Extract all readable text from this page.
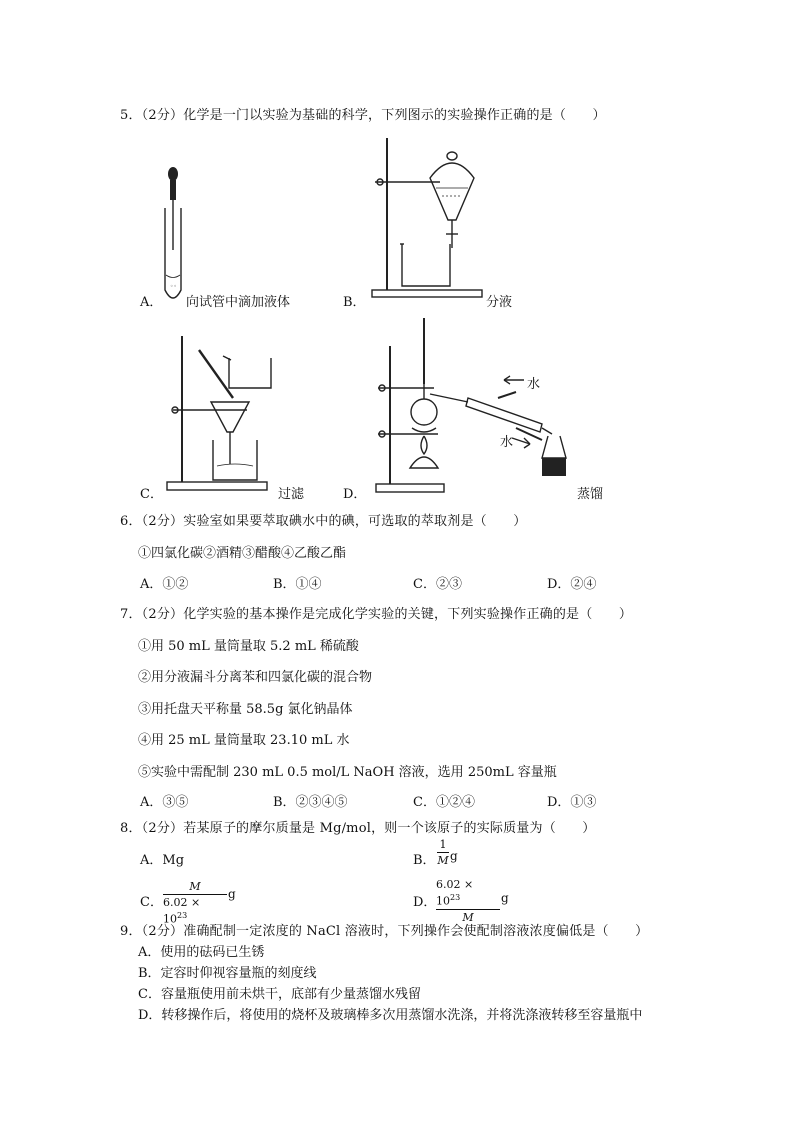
5．（2分）化学是一门以实验为基础的科学，下列图示的实验操作正确的是（　　）
◦◦
A． 向试管中滴加液体	B．	分液
C．	过滤
水
水
D．	蒸馏
6．（2分）实验室如果要萃取碘水中的碘，可选取的萃取剂是（　　）
①四氯化碳②酒精③醋酸④乙酸乙酯
A．①②	B．①④	C．②③	D．②④
7．（2分）化学实验的基本操作是完成化学实验的关键，下列实验操作正确的是（　　）
①用 50 mL 量筒量取 5.2 mL 稀硫酸
②用分液漏斗分离苯和四氯化碳的混合物
③用托盘天平称量 58.5g 氯化钠晶体
④用 25 mL 量筒量取 23.10 mL 水
⑤实验中需配制 230 mL 0.5 mol/L NaOH 溶液，选用 250mL 容量瓶
A．③⑤	B．②③④⑤	C．①②④	D．①③
8．（2分）若某原子的摩尔质量是 Mg/mol，则一个该原子的实际质量为（　　）
A．Mg	B．
1
M g
C．
M
$6.02 \times 10^{23}$
g
D．
$6.02 \times 10^{23}$
M
g
9．（2分）准确配制一定浓度的 NaCl 溶液时，下列操作会使配制溶液浓度偏低是（　　）
A．使用的砝码已生锈
B．定容时仰视容量瓶的刻度线
C．容量瓶使用前未烘干，底部有少量蒸馏水残留
D．转移操作后，将使用的烧杯及玻璃棒多次用蒸馏水洗涤，并将洗涤液转移至容量瓶中
